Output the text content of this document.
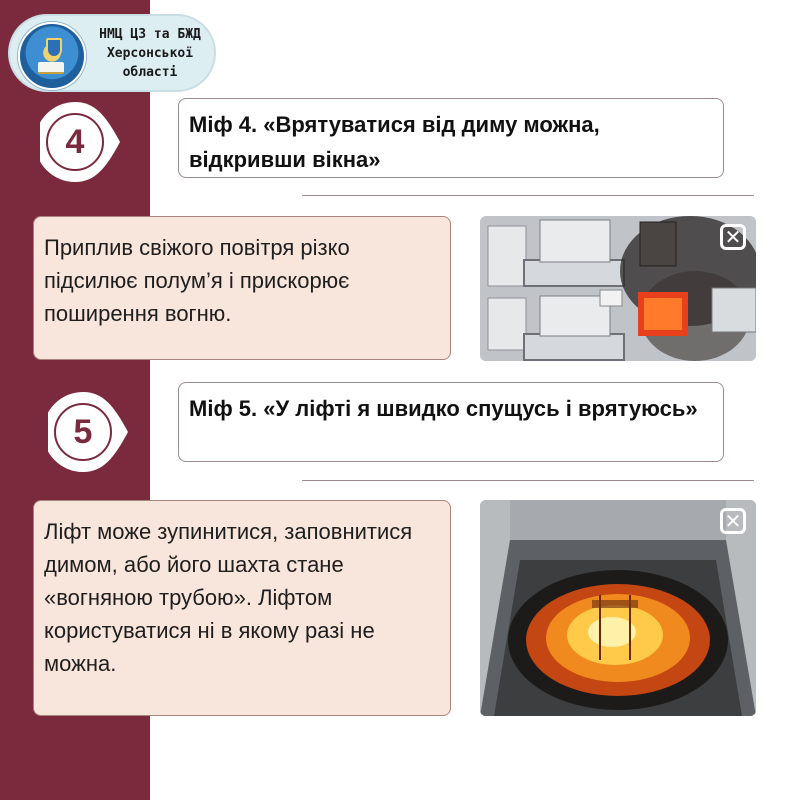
НМЦ ЦЗ та БЖД
Херсонської
області
4	Міф 4. «Врятуватися від диму можна, відкривши вікна»
Приплив свіжого повітря різко підсилює полум’я і прискорює поширення вогню.
✕
5
Міф 5. «У ліфті я швидко спущусь і врятуюсь»
Ліфт може зупинитися, заповнитися димом, або його шахта стане «вогняною трубою». Ліфтом користуватися ні в якому разі не можна.
✕
